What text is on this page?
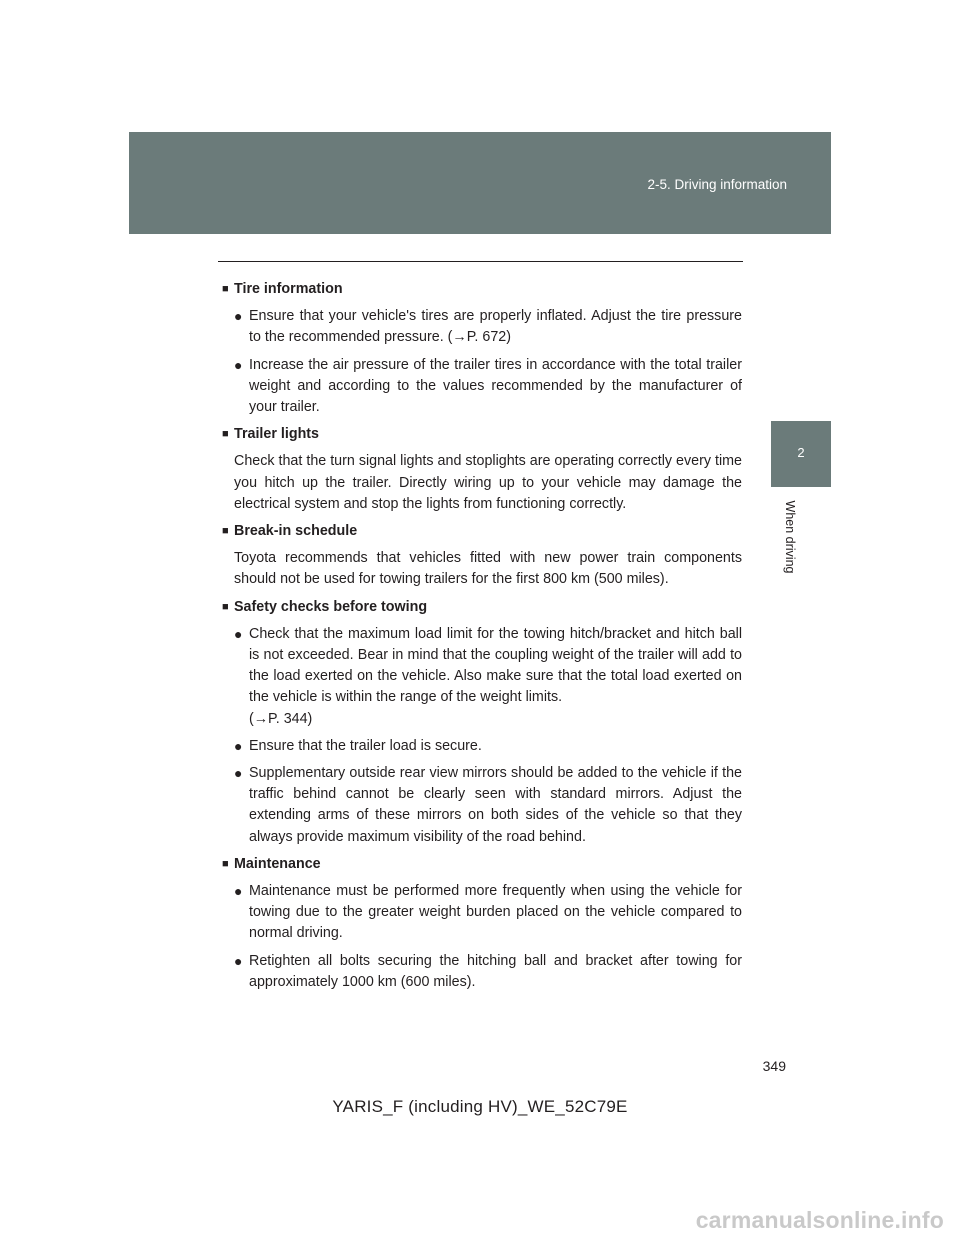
2-5. Driving information
2
When driving
■ Tire information
● Ensure that your vehicle's tires are properly inflated. Adjust the tire pressure to the recommended pressure. (→P. 672)
● Increase the air pressure of the trailer tires in accordance with the total trailer weight and according to the values recommended by the manufacturer of your trailer.
■ Trailer lights
Check that the turn signal lights and stoplights are operating correctly every time you hitch up the trailer. Directly wiring up to your vehicle may damage the electrical system and stop the lights from functioning correctly.
■ Break-in schedule
Toyota recommends that vehicles fitted with new power train components should not be used for towing trailers for the first 800 km (500 miles).
■ Safety checks before towing
● Check that the maximum load limit for the towing hitch/bracket and hitch ball is not exceeded. Bear in mind that the coupling weight of the trailer will add to the load exerted on the vehicle. Also make sure that the total load exerted on the vehicle is within the range of the weight limits.
(→P. 344)
● Ensure that the trailer load is secure.
● Supplementary outside rear view mirrors should be added to the vehicle if the traffic behind cannot be clearly seen with standard mirrors. Adjust the extending arms of these mirrors on both sides of the vehicle so that they always provide maximum visibility of the road behind.
■ Maintenance
● Maintenance must be performed more frequently when using the vehicle for towing due to the greater weight burden placed on the vehicle compared to normal driving.
● Retighten all bolts securing the hitching ball and bracket after towing for approximately 1000 km (600 miles).
349
YARIS_F (including HV)_WE_52C79E
carmanualsonline.info
